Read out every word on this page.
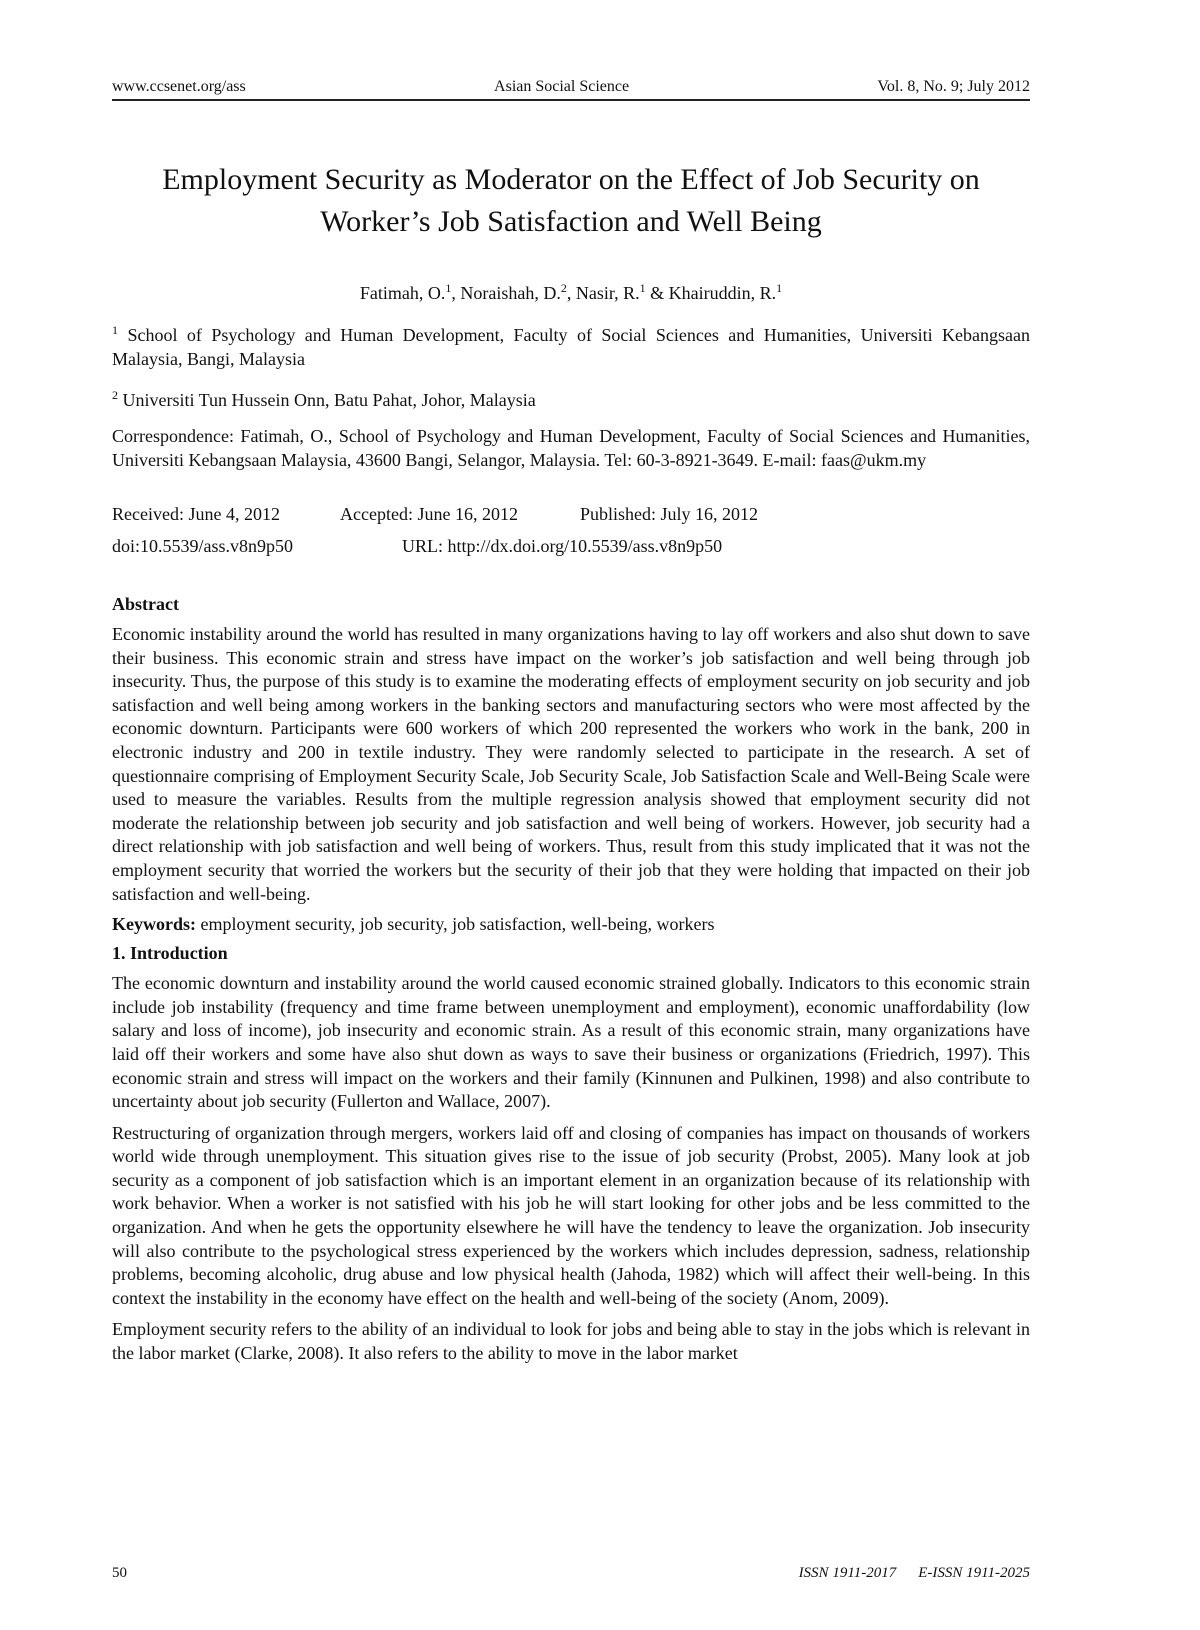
www.ccsenet.org/ass	Asian Social Science	Vol. 8, No. 9; July 2012
Employment Security as Moderator on the Effect of Job Security on
Worker’s Job Satisfaction and Well Being
Fatimah, O.$^1$, Noraishah, D.$^2$, Nasir, R.$^1$ & Khairuddin, R.$^1$
$^1$ School of Psychology and Human Development, Faculty of Social Sciences and Humanities, Universiti Kebangsaan Malaysia, Bangi, Malaysia
$^2$ Universiti Tun Hussein Onn, Batu Pahat, Johor, Malaysia
Correspondence: Fatimah, O., School of Psychology and Human Development, Faculty of Social Sciences and Humanities, Universiti Kebangsaan Malaysia, 43600 Bangi, Selangor, Malaysia. Tel: 60-3-8921-3649. E-mail: faas@ukm.my
Received: June 4, 2012	Accepted: June 16, 2012	Published: July 16, 2012
doi:10.5539/ass.v8n9p50	URL: http://dx.doi.org/10.5539/ass.v8n9p50
Abstract

Economic instability around the world has resulted in many organizations having to lay off workers and also shut down to save their business. This economic strain and stress have impact on the worker’s job satisfaction and well being through job insecurity. Thus, the purpose of this study is to examine the moderating effects of employment security on job security and job satisfaction and well being among workers in the banking sectors and manufacturing sectors who were most affected by the economic downturn. Participants were 600 workers of which 200 represented the workers who work in the bank, 200 in electronic industry and 200 in textile industry. They were randomly selected to participate in the research. A set of questionnaire comprising of Employment Security Scale, Job Security Scale, Job Satisfaction Scale and Well-Being Scale were used to measure the variables. Results from the multiple regression analysis showed that employment security did not moderate the relationship between job security and job satisfaction and well being of workers. However, job security had a direct relationship with job satisfaction and well being of workers. Thus, result from this study implicated that it was not the employment security that worried the workers but the security of their job that they were holding that impacted on their job satisfaction and well-being.

Keywords: employment security, job security, job satisfaction, well-being, workers
1. Introduction

The economic downturn and instability around the world caused economic strained globally. Indicators to this economic strain include job instability (frequency and time frame between unemployment and employment), economic unaffordability (low salary and loss of income), job insecurity and economic strain. As a result of this economic strain, many organizations have laid off their workers and some have also shut down as ways to save their business or organizations (Friedrich, 1997). This economic strain and stress will impact on the workers and their family (Kinnunen and Pulkinen, 1998) and also contribute to uncertainty about job security (Fullerton and Wallace, 2007).

Restructuring of organization through mergers, workers laid off and closing of companies has impact on thousands of workers world wide through unemployment. This situation gives rise to the issue of job security (Probst, 2005). Many look at job security as a component of job satisfaction which is an important element in an organization because of its relationship with work behavior. When a worker is not satisfied with his job he will start looking for other jobs and be less committed to the organization. And when he gets the opportunity elsewhere he will have the tendency to leave the organization. Job insecurity will also contribute to the psychological stress experienced by the workers which includes depression, sadness, relationship problems, becoming alcoholic, drug abuse and low physical health (Jahoda, 1982) which will affect their well-being. In this context the instability in the economy have effect on the health and well-being of the society (Anom, 2009).

Employment security refers to the ability of an individual to look for jobs and being able to stay in the jobs which is relevant in the labor market (Clarke, 2008). It also refers to the ability to move in the labor market

50	ISSN 1911-2017 E-ISSN 1911-2025
